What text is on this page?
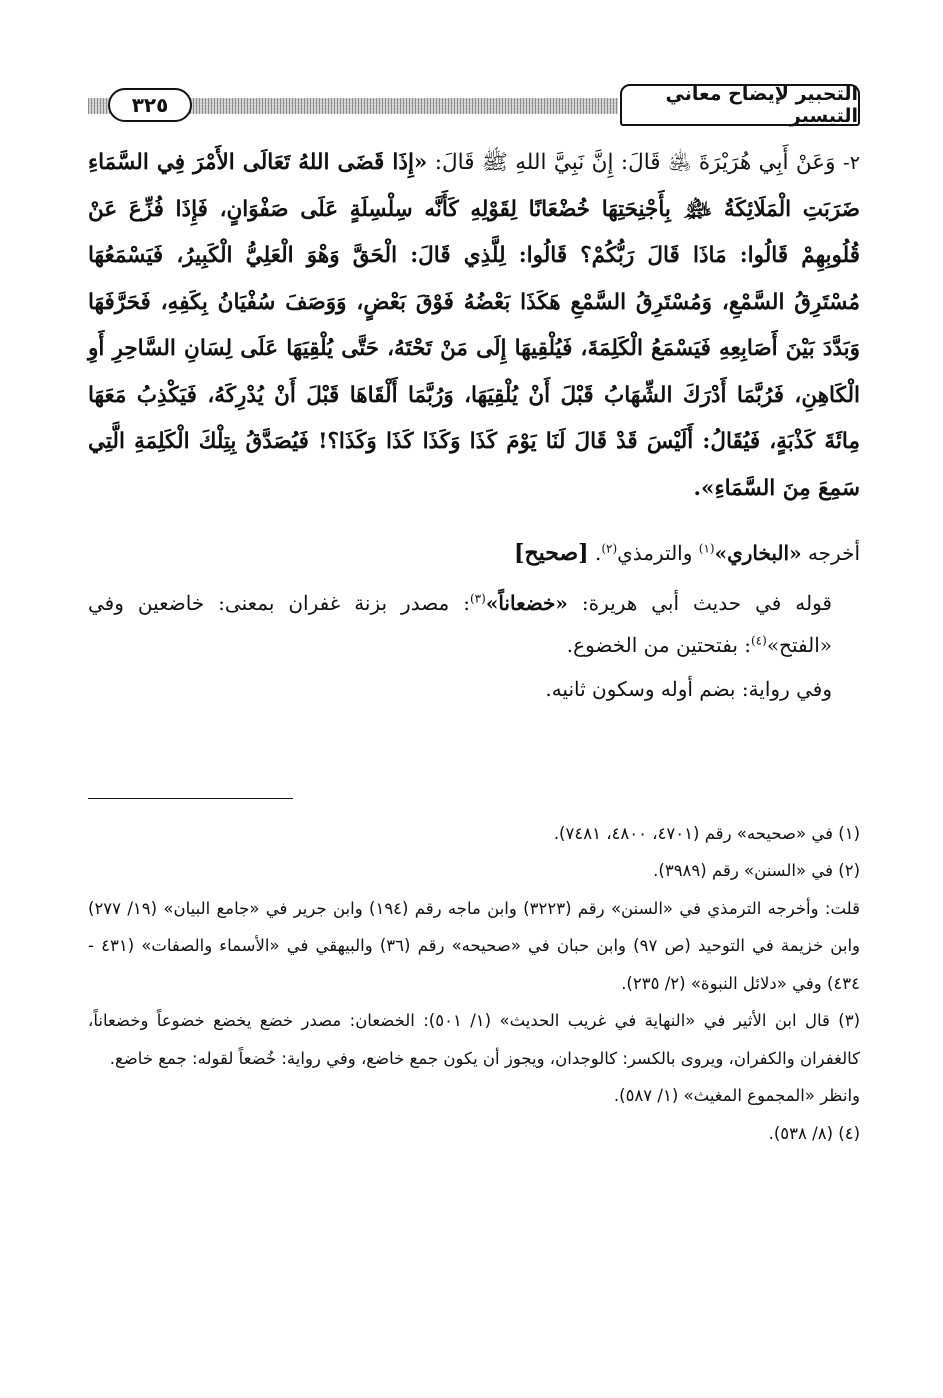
التحبير لإيضاح معاني التيسير
٣٢٥

٢- وَعَنْ أَبِي هُرَيْرَةَ ﵁ قَالَ: إِنَّ نَبِيَّ اللهِ ﷺ قَالَ: «إِذَا قَضَى اللهُ تَعَالَى الأَمْرَ فِي السَّمَاءِ ضَرَبَتِ الْمَلَائِكَةُ ﵈ بِأَجْنِحَتِهَا خُضْعَانًا لِقَوْلِهِ كَأَنَّه سِلْسِلَةٍ عَلَى صَفْوَانٍ، فَإِذَا فُزِّعَ عَنْ قُلُوبِهِمْ قَالُوا: مَاذَا قَالَ رَبُّكُمْ؟ قَالُوا: لِلَّذِي قَالَ: الْحَقَّ وَهْوَ الْعَلِيُّ الْكَبِيرُ، فَيَسْمَعُهَا مُسْتَرِقُ السَّمْعِ، وَمُسْتَرِقُ السَّمْعِ هَكَذَا بَعْضُهُ فَوْقَ بَعْضٍ، وَوَصَفَ سُفْيَانُ بِكَفِهِ، فَحَرَّفَهَا وَبَدَّدَ بَيْنَ أَصَابِعِهِ فَيَسْمَعُ الْكَلِمَةَ، فَيُلْقِيهَا إِلَى مَنْ تَحْتَهُ، حَتَّى يُلْقِيَهَا عَلَى لِسَانِ السَّاحِرِ أَوِ الْكَاهِنِ، فَرُبَّمَا أَدْرَكَ الشِّهَابُ قَبْلَ أَنْ يُلْقِيَهَا، وَرُبَّمَا أَلْقَاهَا قَبْلَ أَنْ يُدْرِكَهُ، فَيَكْذِبُ مَعَهَا مِائَةَ كَذْبَةٍ، فَيُقَالُ: أَلَيْسَ قَدْ قَالَ لَنَا يَوْمَ كَذَا وَكَذَا كَذَا وَكَذَا؟! فَيُصَدَّقُ بِتِلْكَ الْكَلِمَةِ الَّتِي سَمِعَ مِنَ السَّمَاءِ».

أخرجه «البخاري»$^{(١)}$ والترمذي$^{(٢)}$. [صحيح]

قوله في حديث أبي هريرة: «خضعاناً»$^{(٣)}$: مصدر بزنة غفران بمعنى: خاضعين وفي «الفتح»$^{(٤)}$: بفتحتين من الخضوع.

وفي رواية: بضم أوله وسكون ثانيه.

(١) في «صحيحه» رقم (٤٧٠١، ٤٨٠٠، ٧٤٨١).

(٢) في «السنن» رقم (٣٩٨٩).

قلت: وأخرجه الترمذي في «السنن» رقم (٣٢٢٣) وابن ماجه رقم (١٩٤) وابن جرير في «جامع البيان» (١٩/ ٢٧٧) وابن خزيمة في التوحيد (ص ٩٧) وابن حبان في «صحيحه» رقم (٣٦) والبيهقي في «الأسماء والصفات» (٤٣١ - ٤٣٤) وفي «دلائل النبوة» (٢/ ٢٣٥).

(٣) قال ابن الأثير في «النهاية في غريب الحديث» (١/ ٥٠١): الخضعان: مصدر خضع يخضع خضوعاً وخضعاناً، كالغفران والكفران، ويروى بالكسر: كالوجدان، ويجوز أن يكون جمع خاضع، وفي رواية: خُضعاً لقوله: جمع خاضع.

وانظر «المجموع المغيث» (١/ ٥٨٧).

(٤) (٨/ ٥٣٨).
